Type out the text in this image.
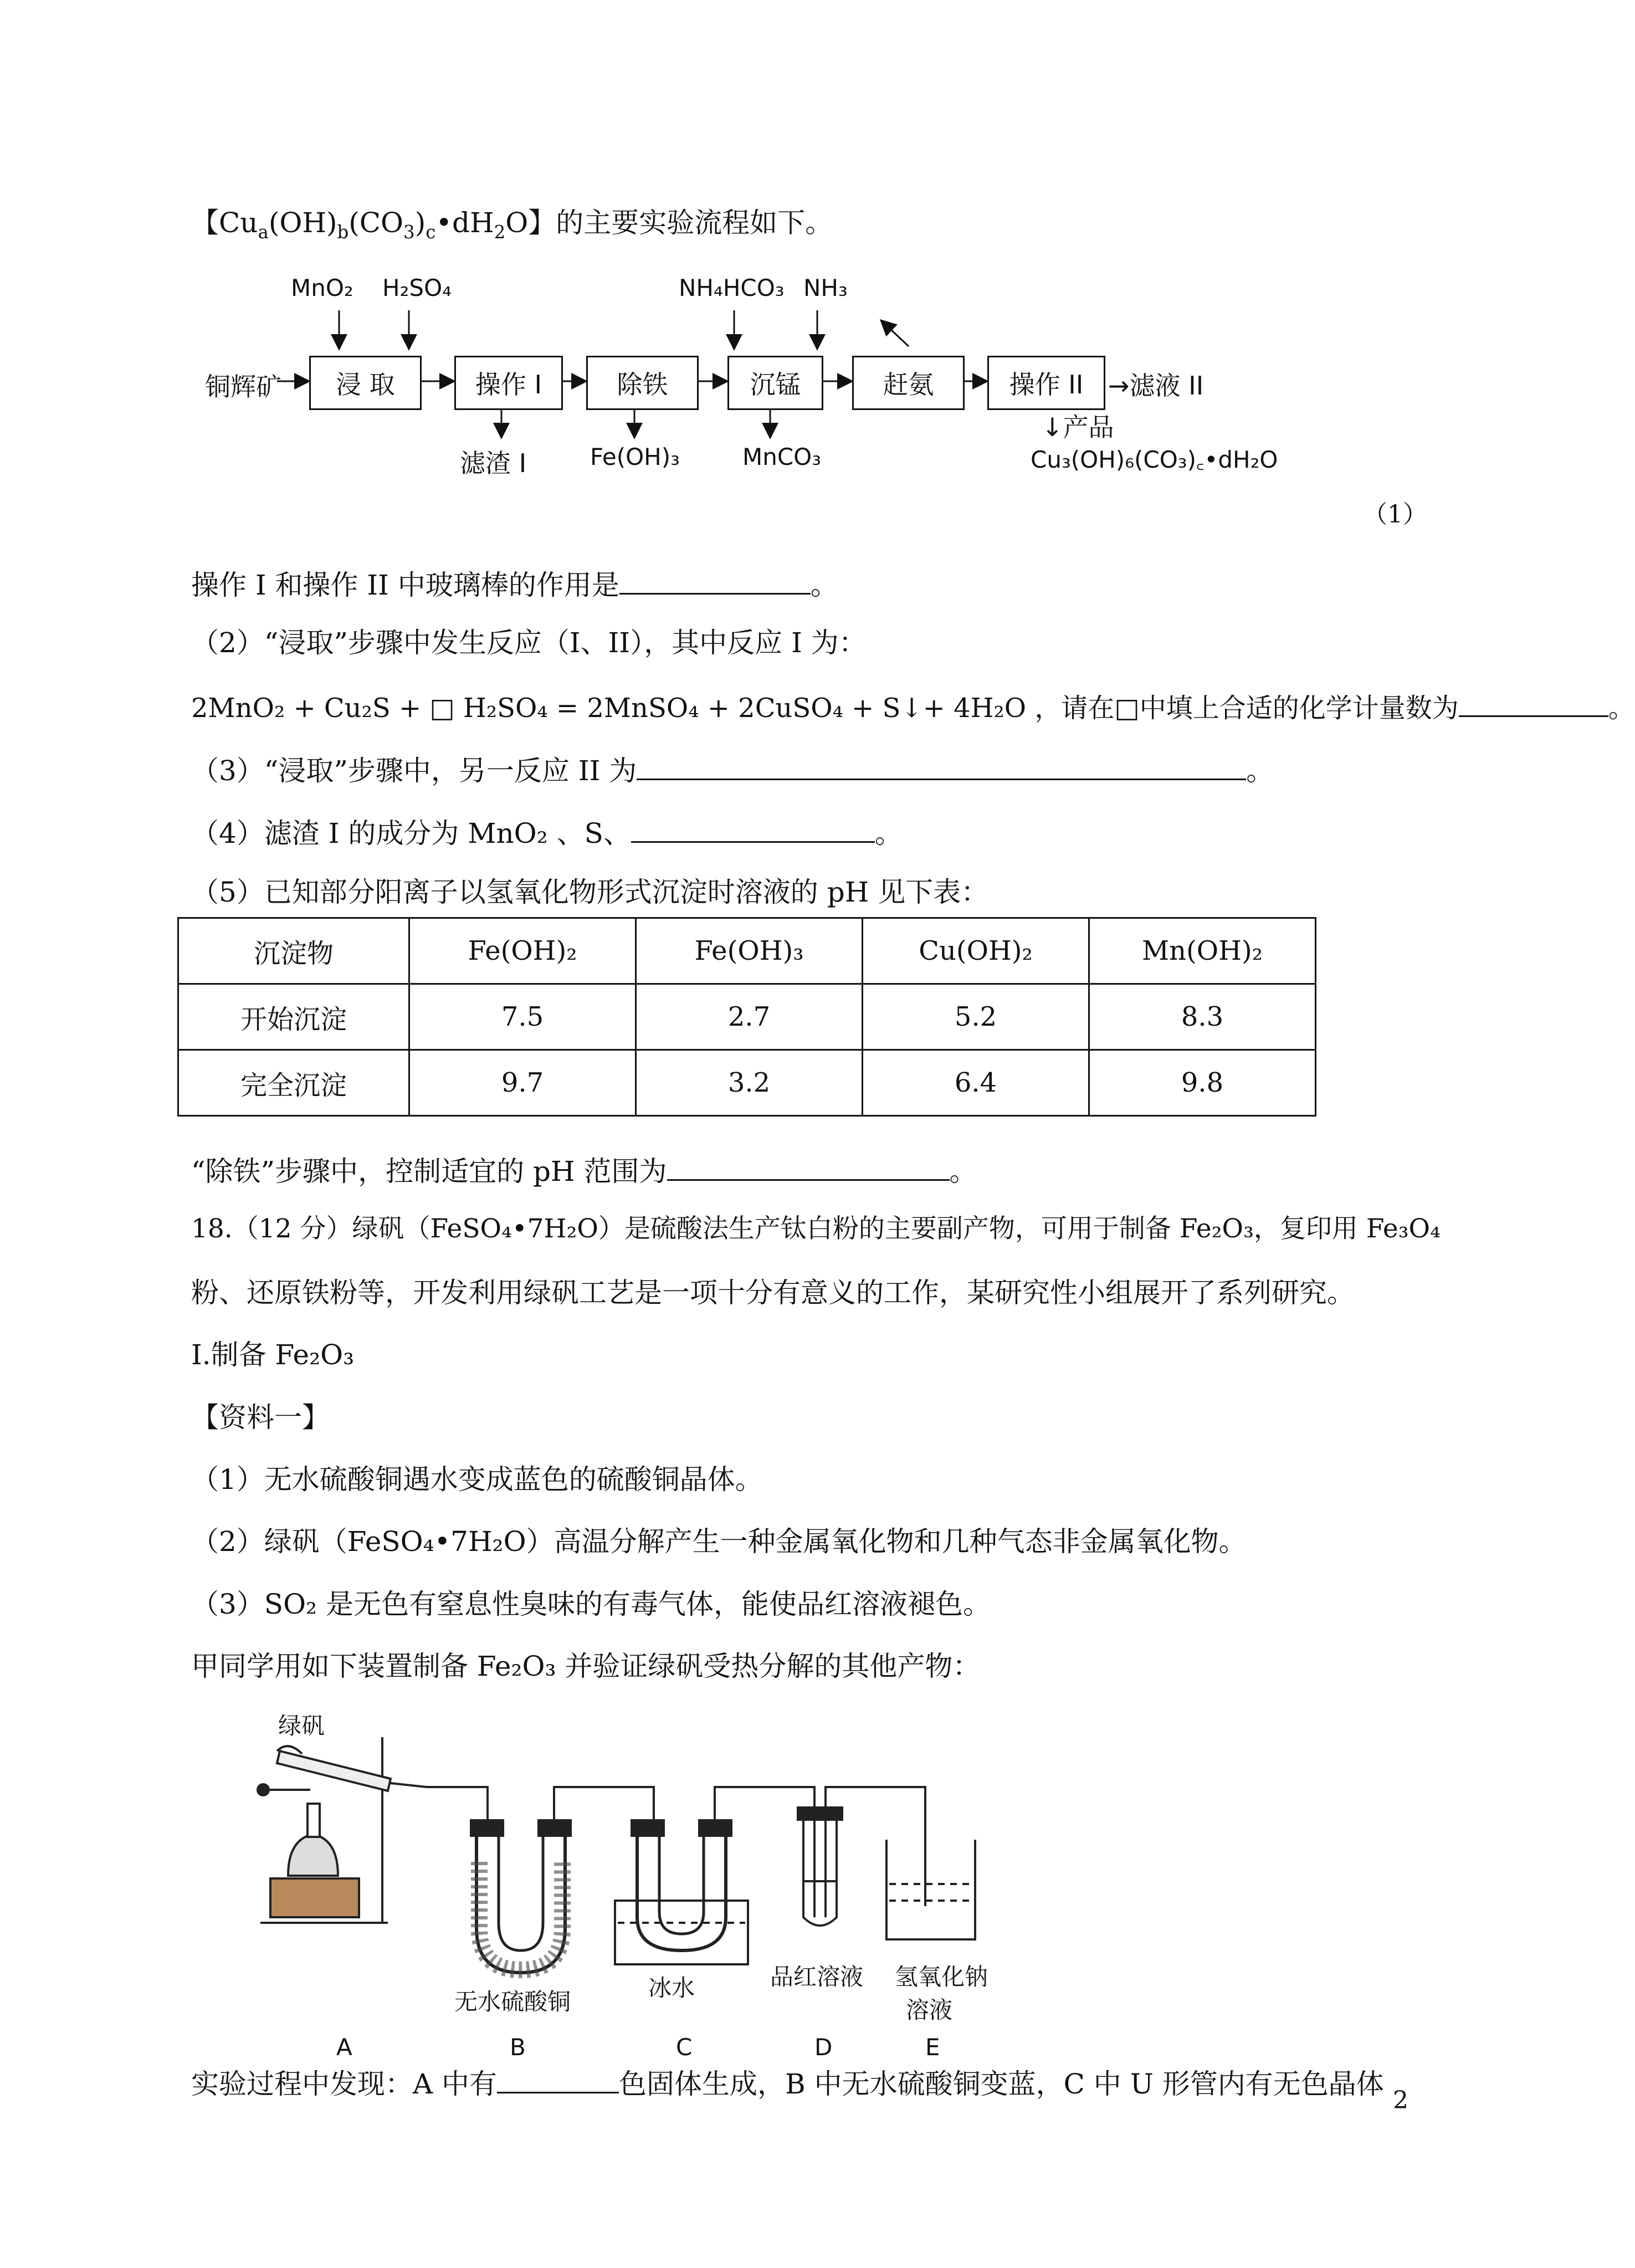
【$Cu_a(OH)_b(CO_3)_c•dH_2O$】的主要实验流程如下。
铜辉矿	浸 取	操作 I	除铁	沉锰	赶氨	操作 II →滤液 II
MnO₂ H₂SO₄	NH₄HCO₃ NH₃
滤渣 I	Fe(OH)₃	MnCO₃
↓产品
Cu₃(OH)₆(CO₃)꜀•dH₂O
（1）
操作 I 和操作 II 中玻璃棒的作用是	。
（2）“浸取”步骤中发生反应（I、II），其中反应 I 为：
2MnO₂ + Cu₂S + □ H₂SO₄ = 2MnSO₄ + 2CuSO₄ + S↓+ 4H₂O ，请在□中填上合适的化学计量数为	。
（3）“浸取”步骤中，另一反应 II 为	。
（4）滤渣 I 的成分为 MnO₂ 、S、	。
（5）已知部分阳离子以氢氧化物形式沉淀时溶液的 pH 见下表：
沉淀物	Fe(OH)₂	Fe(OH)₃	Cu(OH)₂	Mn(OH)₂
开始沉淀	7.5	2.7	5.2	8.3
完全沉淀	9.7	3.2	6.4	9.8
“除铁”步骤中，控制适宜的 pH 范围为	。
18.（12 分）绿矾（FeSO₄•7H₂O）是硫酸法生产钛白粉的主要副产物，可用于制备 Fe₂O₃，复印用 Fe₃O₄
粉、还原铁粉等，开发利用绿矾工艺是一项十分有意义的工作，某研究性小组展开了系列研究。
Ⅰ.制备 Fe₂O₃
【资料一】
（1）无水硫酸铜遇水变成蓝色的硫酸铜晶体。
（2）绿矾（FeSO₄•7H₂O）高温分解产生一种金属氧化物和几种气态非金属氧化物。
（3）SO₂ 是无色有窒息性臭味的有毒气体，能使品红溶液褪色。
甲同学用如下装置制备 Fe₂O₃ 并验证绿矾受热分解的其他产物：
绿矾
无水硫酸铜
冰水	品红溶液 氢氧化钠
溶液
A	B	C	D	E
实验过程中发现：A 中有	色固体生成，B 中无水硫酸铜变蓝，C 中 U 形管内有无色晶体
2
